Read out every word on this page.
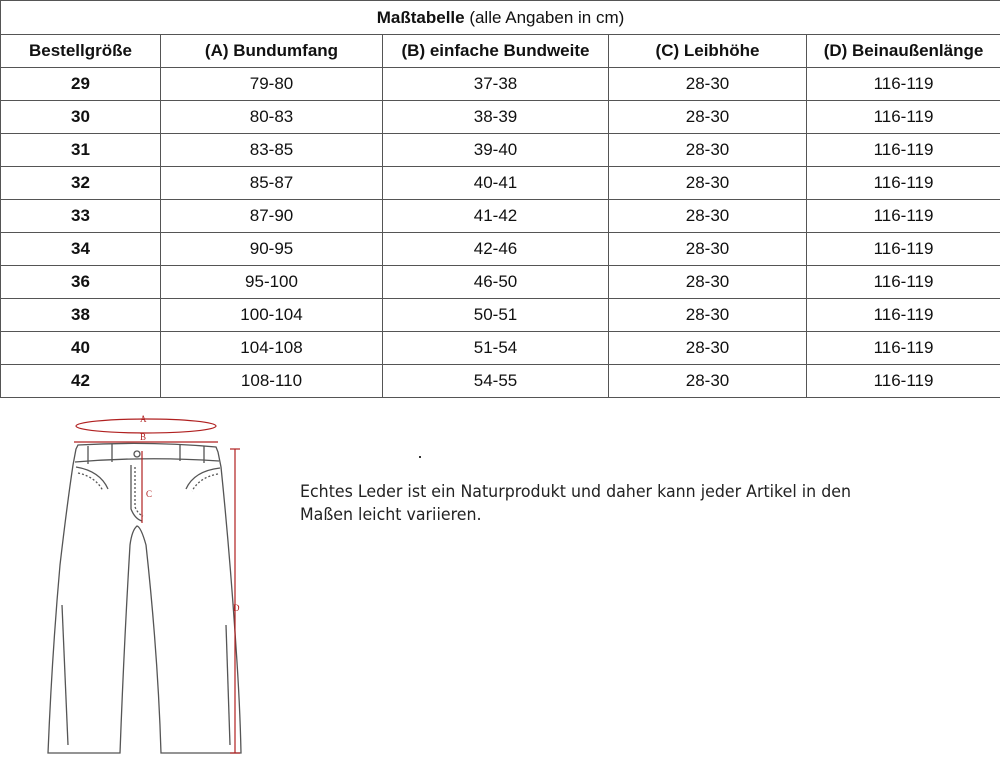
Maßtabelle (alle Angaben in cm)				
Bestellgröße	(A) Bundumfang	(B) einfache Bundweite	(C) Leibhöhe	(D) Beinaußenlänge
29	79-80	37-38	28-30	116-119
30	80-83	38-39	28-30	116-119
31	83-85	39-40	28-30	116-119
32	85-87	40-41	28-30	116-119
33	87-90	41-42	28-30	116-119
34	90-95	42-46	28-30	116-119
36	95-100	46-50	28-30	116-119
38	100-104	50-51	28-30	116-119
40	104-108	51-54	28-30	116-119
42	108-110	54-55	28-30	116-119
A
B
C
D
Echtes Leder ist ein Naturprodukt und daher kann jeder Artikel in den Maßen leicht variieren.
